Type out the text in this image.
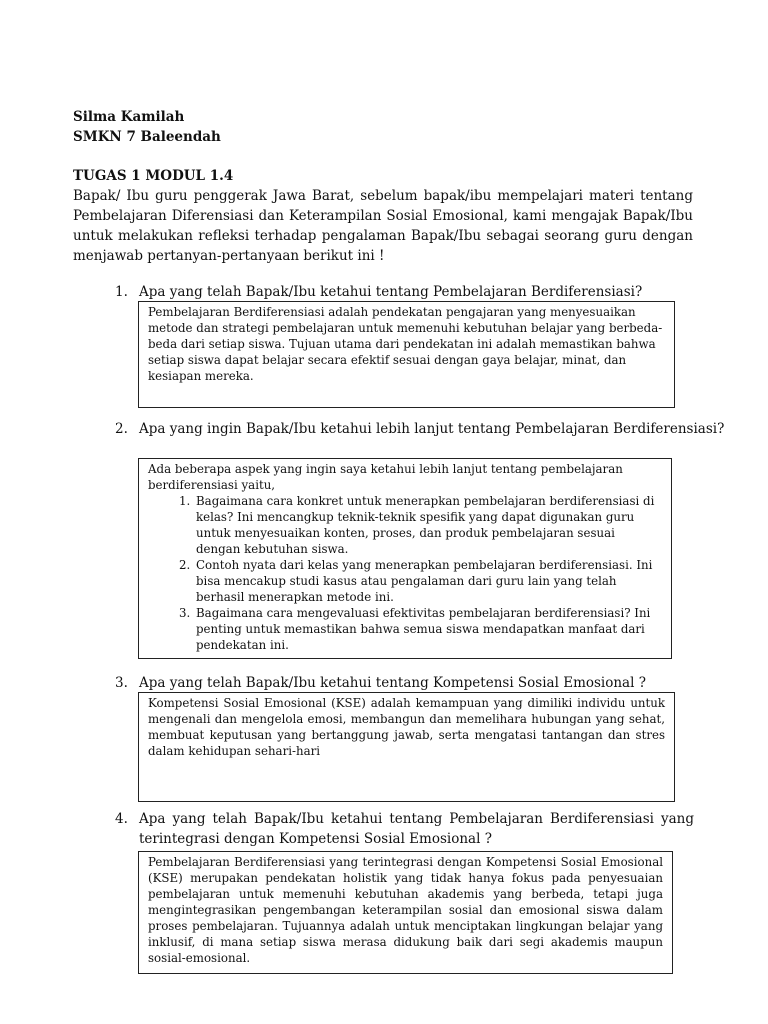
Silma Kamilah
SMKN 7 Baleendah
TUGAS 1 MODUL 1.4
Bapak/ Ibu guru penggerak Jawa Barat, sebelum bapak/ibu mempelajari materi tentang Pembelajaran Diferensiasi dan Keterampilan Sosial Emosional, kami mengajak Bapak/Ibu untuk melakukan refleksi terhadap pengalaman Bapak/Ibu sebagai seorang guru dengan menjawab pertanyan-pertanyaan berikut ini !
1. Apa yang telah Bapak/Ibu ketahui tentang Pembelajaran Berdiferensiasi?
Pembelajaran Berdiferensiasi adalah pendekatan pengajaran yang menyesuaikan metode dan strategi pembelajaran untuk memenuhi kebutuhan belajar yang berbeda-beda dari setiap siswa. Tujuan utama dari pendekatan ini adalah memastikan bahwa setiap siswa dapat belajar secara efektif sesuai dengan gaya belajar, minat, dan kesiapan mereka.
2. Apa yang ingin Bapak/Ibu ketahui lebih lanjut tentang Pembelajaran Berdiferensiasi?
Ada beberapa aspek yang ingin saya ketahui lebih lanjut tentang pembelajaran berdiferensiasi yaitu,
1. Bagaimana cara konkret untuk menerapkan pembelajaran berdiferensiasi di kelas? Ini mencangkup teknik-teknik spesifik yang dapat digunakan guru untuk menyesuaikan konten, proses, dan produk pembelajaran sesuai dengan kebutuhan siswa.
2. Contoh nyata dari kelas yang menerapkan pembelajaran berdiferensiasi. Ini bisa mencakup studi kasus atau pengalaman dari guru lain yang telah berhasil menerapkan metode ini.
3. Bagaimana cara mengevaluasi efektivitas pembelajaran berdiferensiasi? Ini penting untuk memastikan bahwa semua siswa mendapatkan manfaat dari pendekatan ini.
3. Apa yang telah Bapak/Ibu ketahui tentang Kompetensi Sosial Emosional ?
Kompetensi Sosial Emosional (KSE) adalah kemampuan yang dimiliki individu untuk mengenali dan mengelola emosi, membangun dan memelihara hubungan yang sehat, membuat keputusan yang bertanggung jawab, serta mengatasi tantangan dan stres dalam kehidupan sehari-hari
4. Apa yang telah Bapak/Ibu ketahui tentang Pembelajaran Berdiferensiasi yang
terintegrasi dengan Kompetensi Sosial Emosional ?
Pembelajaran Berdiferensiasi yang terintegrasi dengan Kompetensi Sosial Emosional (KSE) merupakan pendekatan holistik yang tidak hanya fokus pada penyesuaian pembelajaran untuk memenuhi kebutuhan akademis yang berbeda, tetapi juga mengintegrasikan pengembangan keterampilan sosial dan emosional siswa dalam proses pembelajaran. Tujuannya adalah untuk menciptakan lingkungan belajar yang inklusif, di mana setiap siswa merasa didukung baik dari segi akademis maupun sosial-emosional.
